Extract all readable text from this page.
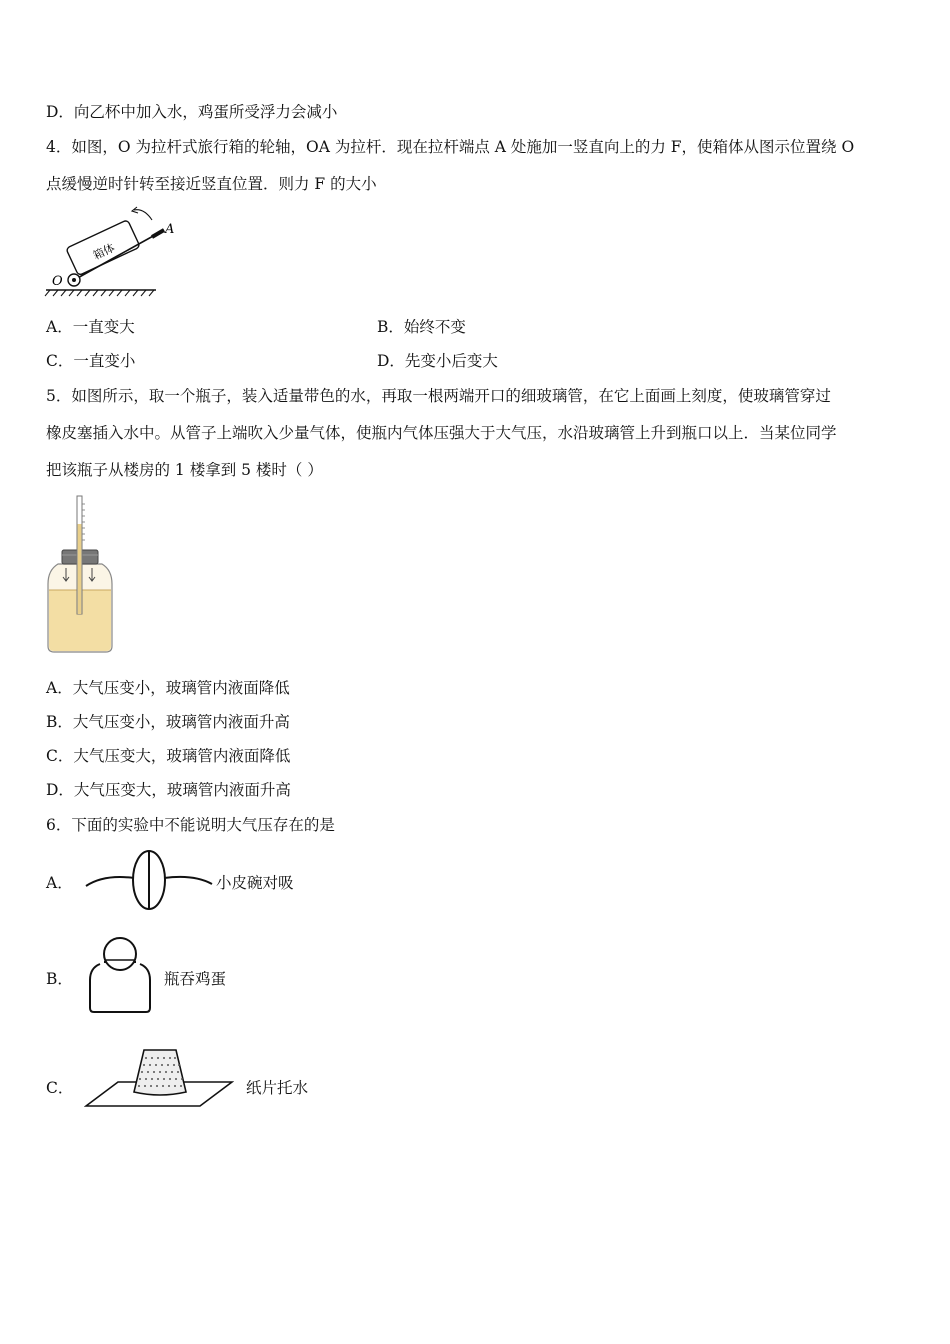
D．向乙杯中加入水，鸡蛋所受浮力会减小
4．如图，O 为拉杆式旅行箱的轮轴，OA 为拉杆．现在拉杆端点 A 处施加一竖直向上的力 F，使箱体从图示位置绕 O
点缓慢逆时针转至接近竖直位置．则力 F 的大小
箱体
A
O
A．一直变大	B．始终不变
C．一直变小	D．先变小后变大
5．如图所示，取一个瓶子，装入适量带色的水，再取一根两端开口的细玻璃管，在它上面画上刻度，使玻璃管穿过
橡皮塞插入水中。从管子上端吹入少量气体，使瓶内气体压强大于大气压，水沿玻璃管上升到瓶口以上．当某位同学
把该瓶子从楼房的 1 楼拿到 5 楼时（ ）
A．大气压变小，玻璃管内液面降低
B．大气压变小，玻璃管内液面升高
C．大气压变大，玻璃管内液面降低
D．大气压变大，玻璃管内液面升高
6．下面的实验中不能说明大气压存在的是
A．	小皮碗对吸
B．	瓶吞鸡蛋
C．	纸片托水
